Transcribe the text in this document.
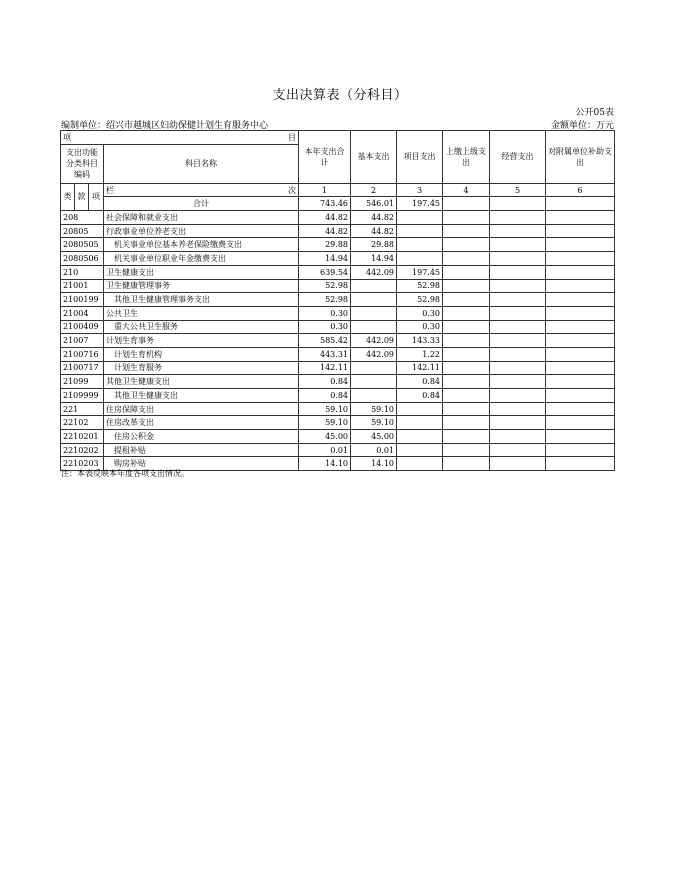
支出决算表（分科目）
公开05表
编制单位：绍兴市越城区妇幼保健计划生育服务中心	金额单位：万元
项 目				本年支出合计	基本支出	项目支出	上缴上级支出	经营支出	对附属单位补助支出
支出功能分类科目编码			科目名称						
类	款	项	栏 次	1	2	3	4	5	6
			合计	743.46	546.01	197.45			
208			社会保障和就业支出	44.82	44.82				
20805			行政事业单位养老支出	44.82	44.82				
2080505			机关事业单位基本养老保险缴费支出	29.88	29.88				
2080506			机关事业单位职业年金缴费支出	14.94	14.94				
210			卫生健康支出	639.54	442.09	197.45			
21001			卫生健康管理事务	52.98		52.98			
2100199			其他卫生健康管理事务支出	52.98		52.98			
21004			公共卫生	0.30		0.30			
2100409			重大公共卫生服务	0.30		0.30			
21007			计划生育事务	585.42	442.09	143.33			
2100716			计划生育机构	443.31	442.09	1.22			
2100717			计划生育服务	142.11		142.11			
21099			其他卫生健康支出	0.84		0.84			
2109999			其他卫生健康支出	0.84		0.84			
221			住房保障支出	59.10	59.10				
22102			住房改革支出	59.10	59.10				
2210201			住房公积金	45.00	45.00				
2210202			提租补贴	0.01	0.01				
2210203			购房补贴	14.10	14.10				
注：本表反映本年度各项支出情况。
